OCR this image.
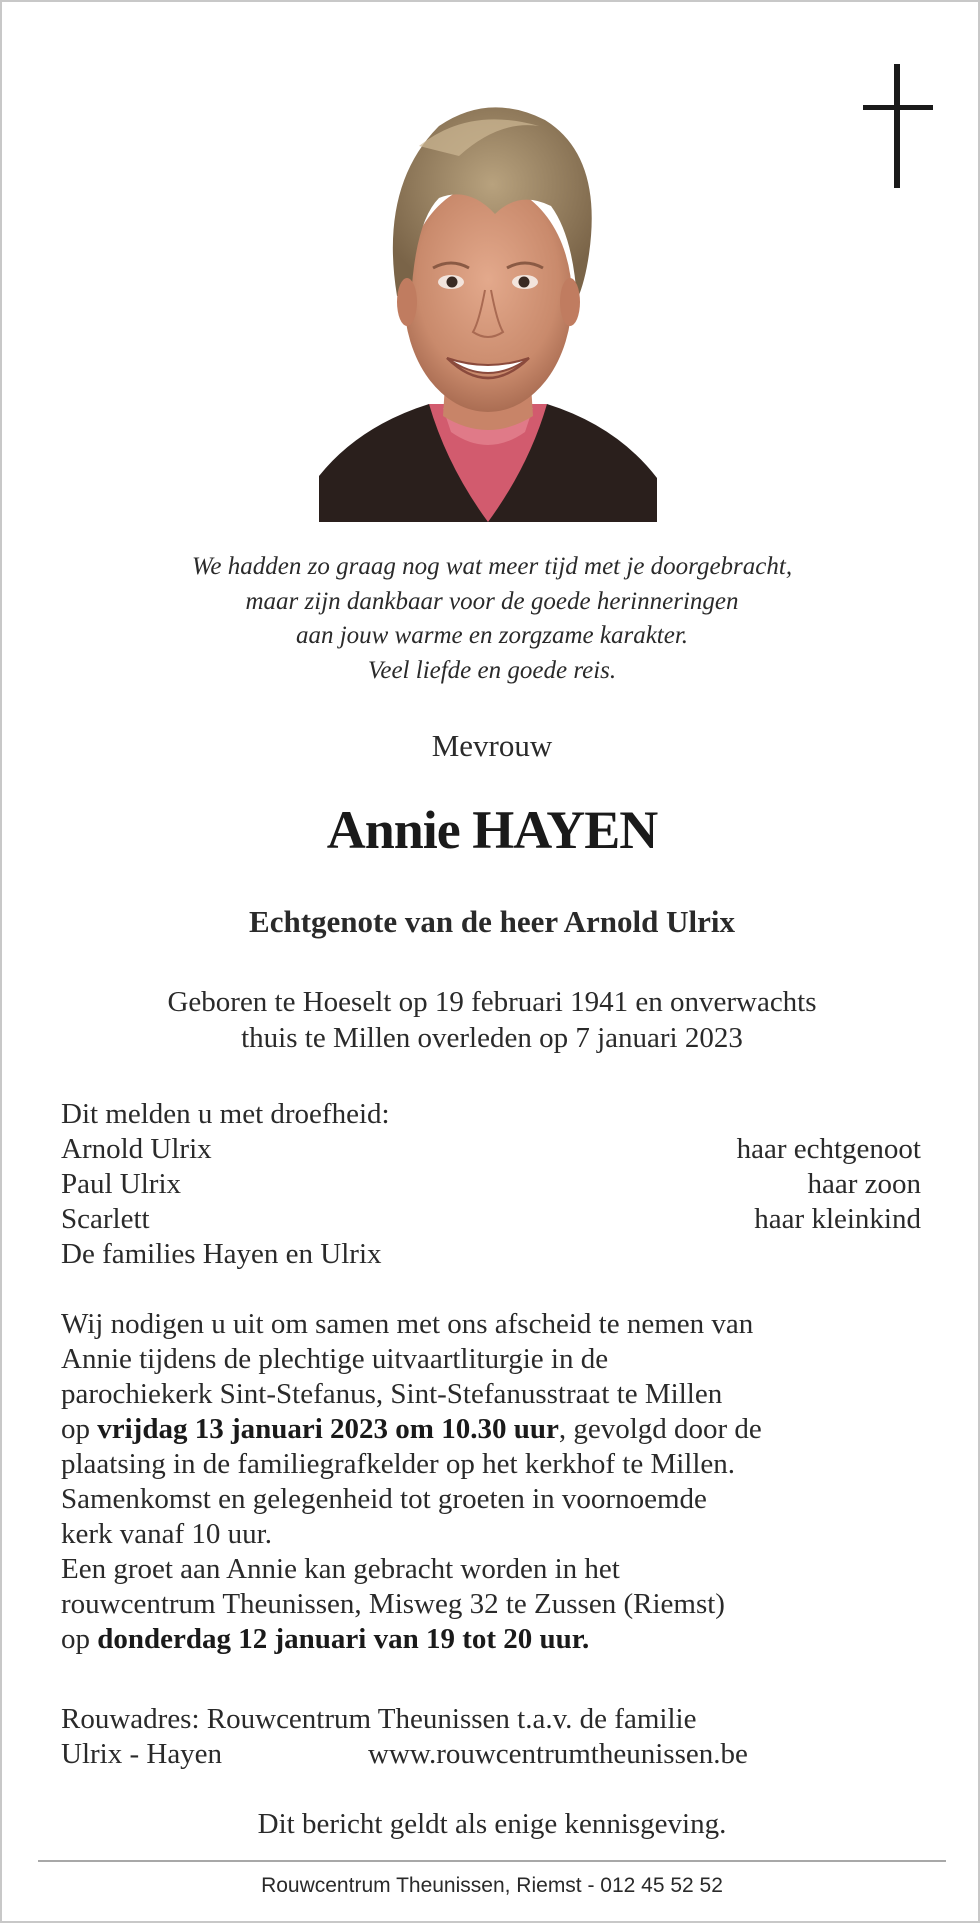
We hadden zo graag nog wat meer tijd met je doorgebracht,
maar zijn dankbaar voor de goede herinneringen
aan jouw warme en zorgzame karakter.
Veel liefde en goede reis.
Mevrouw
Annie HAYEN
Echtgenote van de heer Arnold Ulrix
Geboren te Hoeselt op 19 februari 1941 en onverwachts
thuis te Millen overleden op 7 januari 2023
Dit melden u met droefheid:
Arnold Ulrix	haar echtgenoot
Paul Ulrix	haar zoon
Scarlett	haar kleinkind
De families Hayen en Ulrix
Wij nodigen u uit om samen met ons afscheid te nemen van
Annie tijdens de plechtige uitvaartliturgie in de
parochiekerk Sint-Stefanus, Sint-Stefanusstraat te Millen
op vrijdag 13 januari 2023 om 10.30 uur, gevolgd door de
plaatsing in de familiegrafkelder op het kerkhof te Millen.
Samenkomst en gelegenheid tot groeten in voornoemde
kerk vanaf 10 uur.
Een groet aan Annie kan gebracht worden in het
rouwcentrum Theunissen, Misweg 32 te Zussen (Riemst)
op donderdag 12 januari van 19 tot 20 uur.
Rouwadres: Rouwcentrum Theunissen t.a.v. de familie
Ulrix - Hayen	www.rouwcentrumtheunissen.be
Dit bericht geldt als enige kennisgeving.
Rouwcentrum Theunissen, Riemst - 012 45 52 52
